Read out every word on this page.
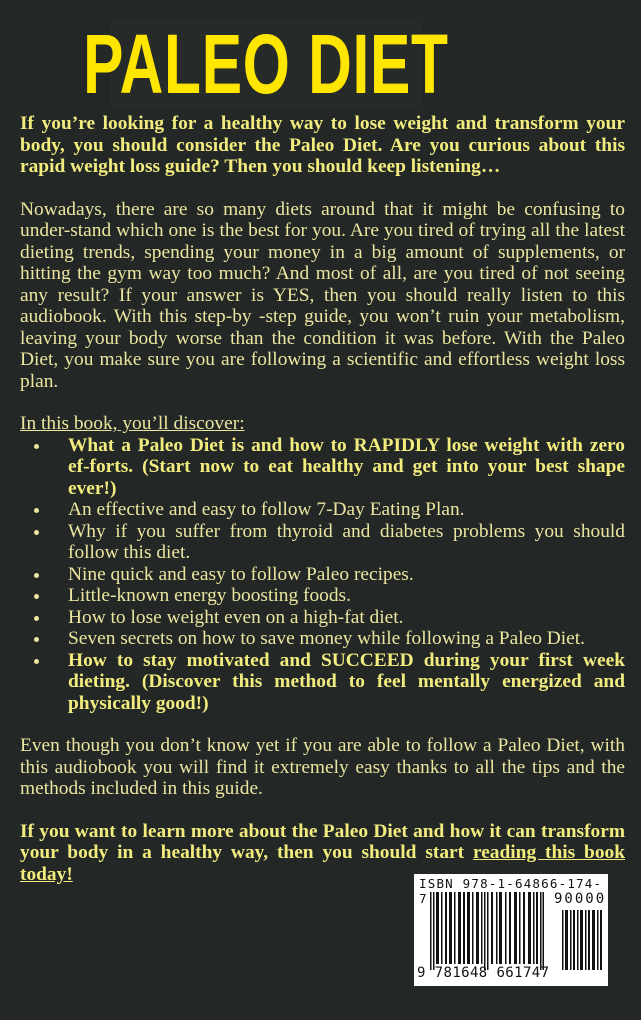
PALEO DIET

If you’re looking for a healthy way to lose weight and transform your body, you should consider the Paleo Diet. Are you curious about this rapid weight loss guide? Then you should keep listening…

Nowadays, there are so many diets around that it might be confusing to under-stand which one is the best for you. Are you tired of trying all the latest dieting trends, spending your money in a big amount of supplements, or hitting the gym way too much? And most of all, are you tired of not seeing any result? If your answer is YES, then you should really listen to this audiobook. With this step-by -step guide, you won’t ruin your metabolism, leaving your body worse than the condition it was before. With the Paleo Diet, you make sure you are following a scientific and effortless weight loss plan.

In this book, you’ll discover:

What a Paleo Diet is and how to RAPIDLY lose weight with zero ef-forts. (Start now to eat healthy and get into your best shape ever!)
An effective and easy to follow 7-Day Eating Plan.
Why if you suffer from thyroid and diabetes problems you should follow this diet.
Nine quick and easy to follow Paleo recipes.
Little-known energy boosting foods.
How to lose weight even on a high-fat diet.
Seven secrets on how to save money while following a Paleo Diet.
How to stay motivated and SUCCEED during your first week dieting. (Discover this method to feel mentally energized and physically good!)

Even though you don’t know yet if you are able to follow a Paleo Diet, with this audiobook you will find it extremely easy thanks to all the tips and the methods included in this guide.

If you want to learn more about the Paleo Diet and how it can transform your body in a healthy way, then you should start reading this book today!	ISBN 978-1-64866-174-7	90000
9 781648 661747
